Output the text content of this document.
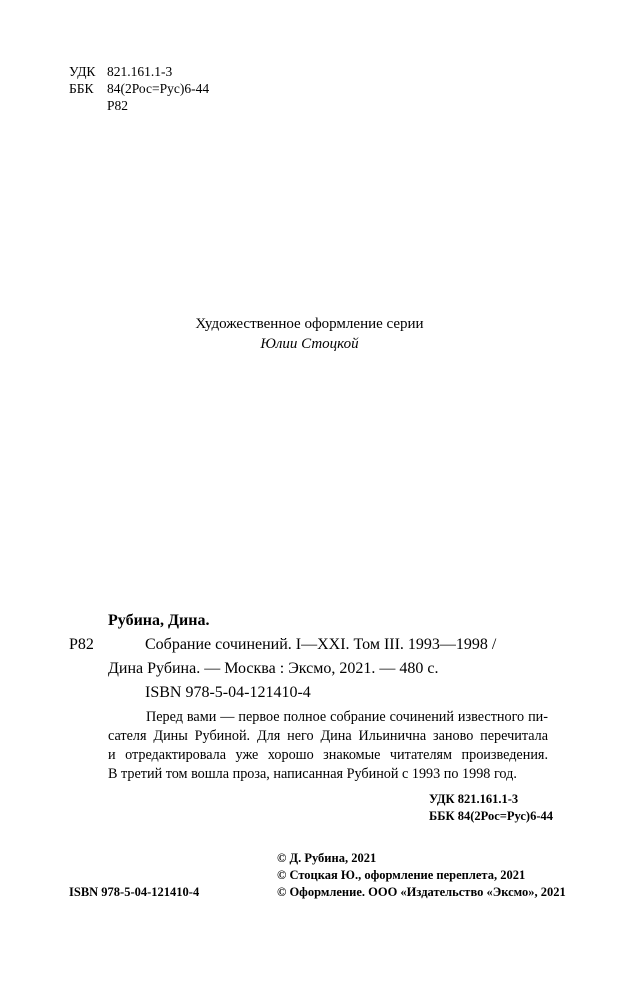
УДК 821.161.1-3
ББК 84(2Рос=Рус)6-44
Р82
Художественное оформление серии
Юлии Стоцкой
Рубина, Дина.
Р82	Собрание сочинений. I—XXI. Том III. 1993—1998 /
Дина Рубина. — Москва : Эксмо, 2021. — 480 с.
ISBN 978-5-04-121410-4
Перед вами — первое полное собрание сочинений известного пи-
сателя Дины Рубиной. Для него Дина Ильинична заново перечитала
и отредактировала уже хорошо знакомые читателям произведения.
В третий том вошла проза, написанная Рубиной с 1993 по 1998 год.
УДК 821.161.1-3
ББК 84(2Рос=Рус)6-44
© Д. Рубина, 2021
© Стоцкая Ю., оформление переплета, 2021
© Оформление. ООО «Издательство «Эксмо», 2021
ISBN 978-5-04-121410-4
